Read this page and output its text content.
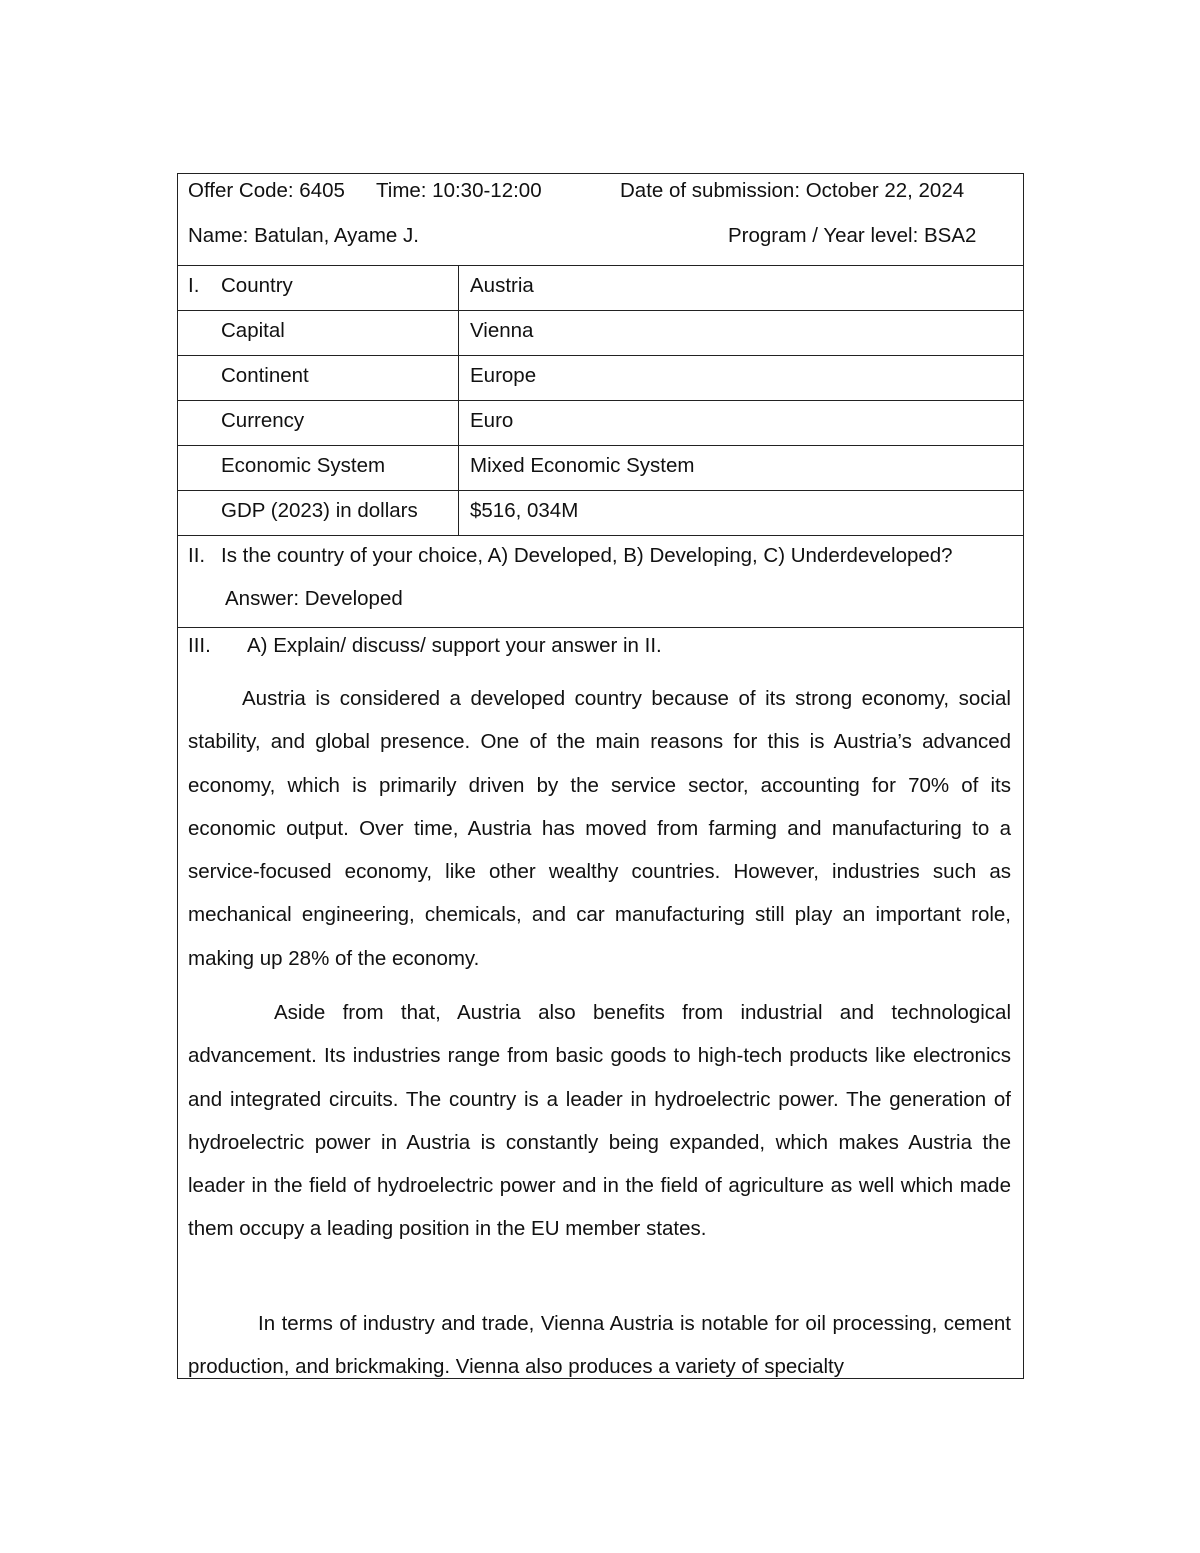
Offer Code: 6405 Time: 10:30-12:00	Date of submission: October 22, 2024
Name: Batulan, Ayame J.	Program / Year level: BSA2
I. Country	Austria
Capital	Vienna
Continent	Europe
Currency	Euro
Economic System	Mixed Economic System
GDP (2023) in dollars	$516, 034M
II. Is the country of your choice, A) Developed, B) Developing, C) Underdeveloped?
Answer: Developed
III. A) Explain/ discuss/ support your answer in II.

Austria is considered a developed country because of its strong economy, social stability, and global presence. One of the main reasons for this is Austria’s advanced economy, which is primarily driven by the service sector, accounting for 70% of its economic output. Over time, Austria has moved from farming and manufacturing to a service-focused economy, like other wealthy countries. However, industries such as mechanical engineering, chemicals, and car manufacturing still play an important role, making up 28% of the economy.

Aside from that, Austria also benefits from industrial and technological advancement. Its industries range from basic goods to high-tech products like electronics and integrated circuits. The country is a leader in hydroelectric power. The generation of hydroelectric power in Austria is constantly being expanded, which makes Austria the leader in the field of hydroelectric power and in the field of agriculture as well which made them occupy a leading position in the EU member states.

In terms of industry and trade, Vienna Austria is notable for oil processing, cement production, and brickmaking. Vienna also produces a variety of specialty
